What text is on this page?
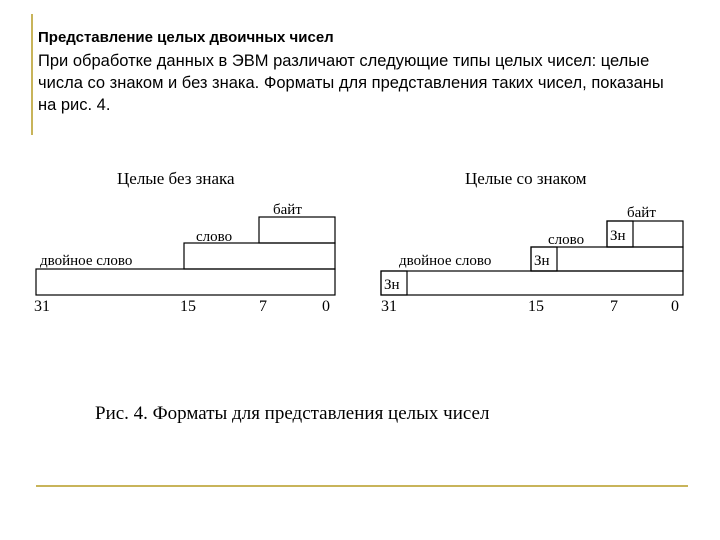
Представление целых двоичных чисел
При обработке данных в ЭВМ различают следующие типы целых чисел: целые числа со знаком и без знака. Форматы для представления таких чисел, показаны на рис. 4.
Целые без знака
байт
слово
двойное слово
31	15	7	0
Целые со знаком
Зн
байт
Зн
слово
Зн
двойное слово
31	15	7	0
Рис. 4. Форматы для представления целых чисел
